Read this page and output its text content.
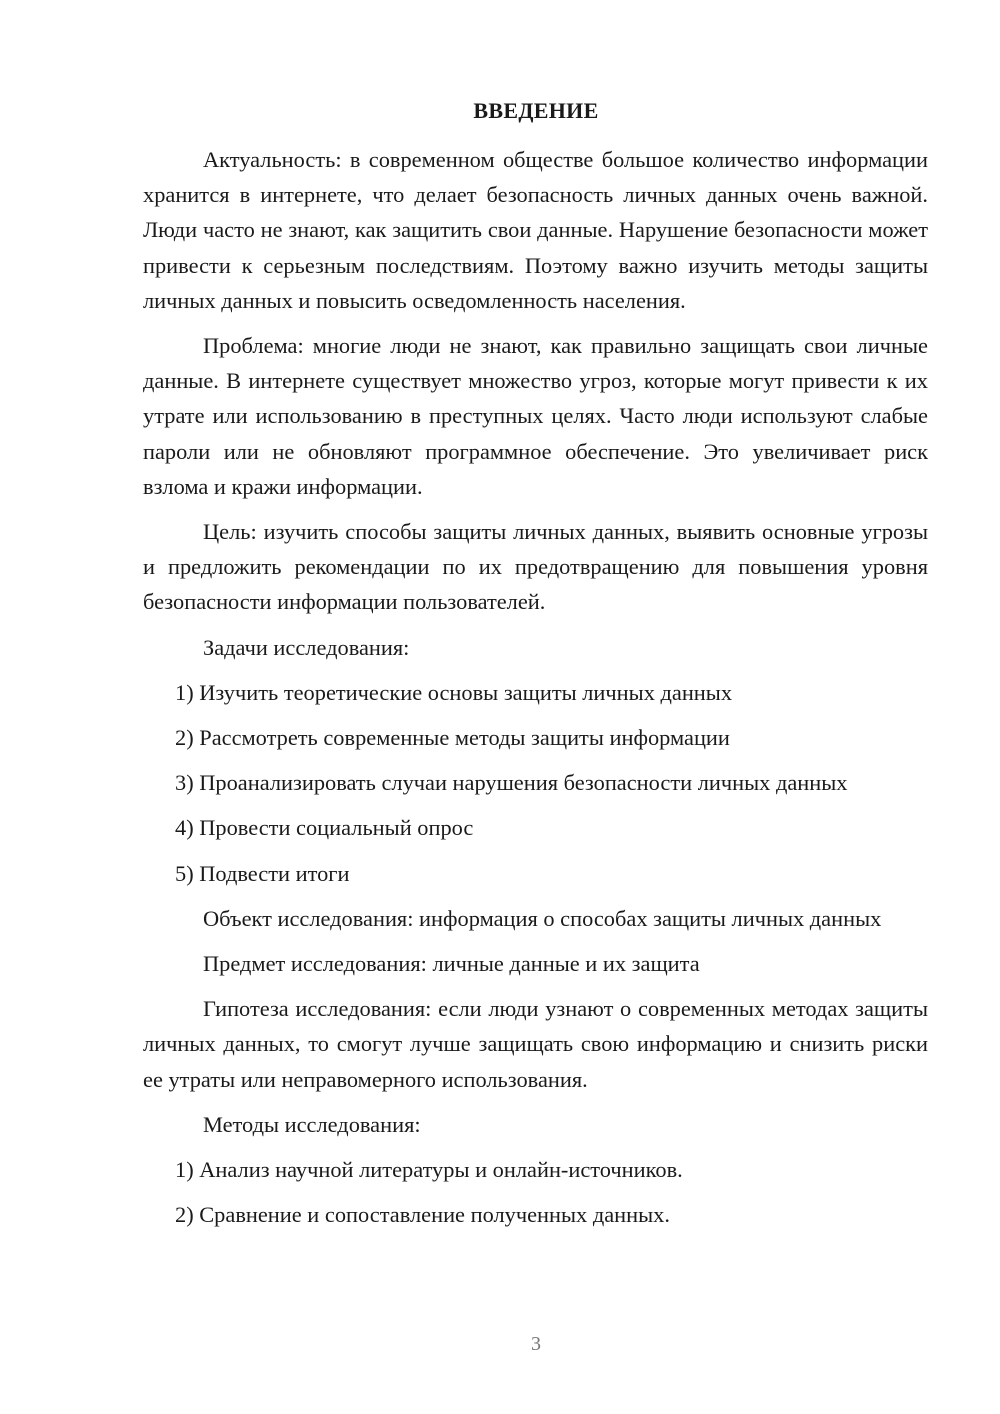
ВВЕДЕНИЕ

Актуальность: в современном обществе большое количество информации хранится в интернете, что делает безопасность личных данных очень важной. Люди часто не знают, как защитить свои данные. Нарушение безопасности может привести к серьезным последствиям. Поэтому важно изучить методы защиты личных данных и повысить осведомленность населения.

Проблема: многие люди не знают, как правильно защищать свои личные данные. В интернете существует множество угроз, которые могут привести к их утрате или использованию в преступных целях. Часто люди используют слабые пароли или не обновляют программное обеспечение. Это увеличивает риск взлома и кражи информации.

Цель: изучить способы защиты личных данных, выявить основные угрозы и предложить рекомендации по их предотвращению для повышения уровня безопасности информации пользователей.

Задачи исследования:

1) Изучить теоретические основы защиты личных данных

2) Рассмотреть современные методы защиты информации

3) Проанализировать случаи нарушения безопасности личных данных

4) Провести социальный опрос

5) Подвести итоги

Объект исследования: информация о способах защиты личных данных

Предмет исследования: личные данные и их защита

Гипотеза исследования: если люди узнают о современных методах защиты личных данных, то смогут лучше защищать свою информацию и снизить риски ее утраты или неправомерного использования.

Методы исследования:

1) Анализ научной литературы и онлайн-источников.

2) Сравнение и сопоставление полученных данных.

3
